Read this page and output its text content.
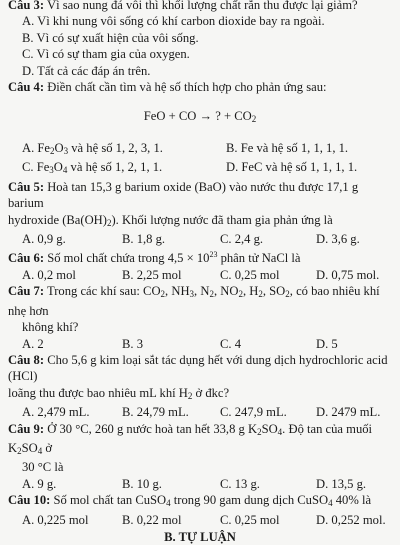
Câu 3: Vì sao nung đá vôi thì khối lượng chất rắn thu được lại giảm?

A. Vì khi nung vôi sống có khí carbon dioxide bay ra ngoài.

B. Vì có sự xuất hiện của vôi sống.

C. Vì có sự tham gia của oxygen.

D. Tất cả các đáp án trên.

Câu 4: Điền chất cần tìm và hệ số thích hợp cho phản ứng sau:

FeO + CO → ? + $CO_2$

A. $Fe_2O_3$ và hệ số 1, 2, 3, 1.	B. Fe và hệ số 1, 1, 1, 1.
C. $Fe_3O_4$ và hệ số 1, 2, 1, 1.	D. FeC và hệ số 1, 1, 1, 1.

Câu 5: Hoà tan 15,3 g barium oxide (BaO) vào nước thu được 17,1 g barium

hydroxide $(Ba(OH)_2)$. Khối lượng nước đã tham gia phản ứng là

A. 0,9 g.	B. 1,8 g.	C. 2,4 g.	D. 3,6 g.

Câu 6: Số mol chất chứa trong $4,5 \times 10^{23}$ phân tử NaCl là

A. 0,2 mol	B. 2,25 mol	C. 0,25 mol	D. 0,75 mol.

Câu 7: Trong các khí sau: $CO_2$, $NH_3$, $N_2$, $NO_2$, $H_2$, $SO_2$, có bao nhiêu khí nhẹ hơn

không khí?

A. 2	B. 3	C. 4	D. 5

Câu 8: Cho 5,6 g kim loại sắt tác dụng hết với dung dịch hydrochloric acid (HCl)

loãng thu được bao nhiêu mL khí $H_2$ ở đkc?

A. 2,479 mL.	B. 24,79 mL.	C. 247,9 mL.	D. 2479 mL.

Câu 9: Ở 30 °C, 260 g nước hoà tan hết 33,8 g $K_2SO_4$. Độ tan của muối $K_2SO_4$ ở

30 °C là

A. 9 g.	B. 10 g.	C. 13 g.	D. 13,5 g.

Câu 10: Số mol chất tan CuSO$_4$ trong 90 gam dung dịch CuSO$_4$ 40% là

A. 0,225 mol	B. 0,22 mol	C. 0,25 mol	D. 0,252 mol.

B. TỰ LUẬN
